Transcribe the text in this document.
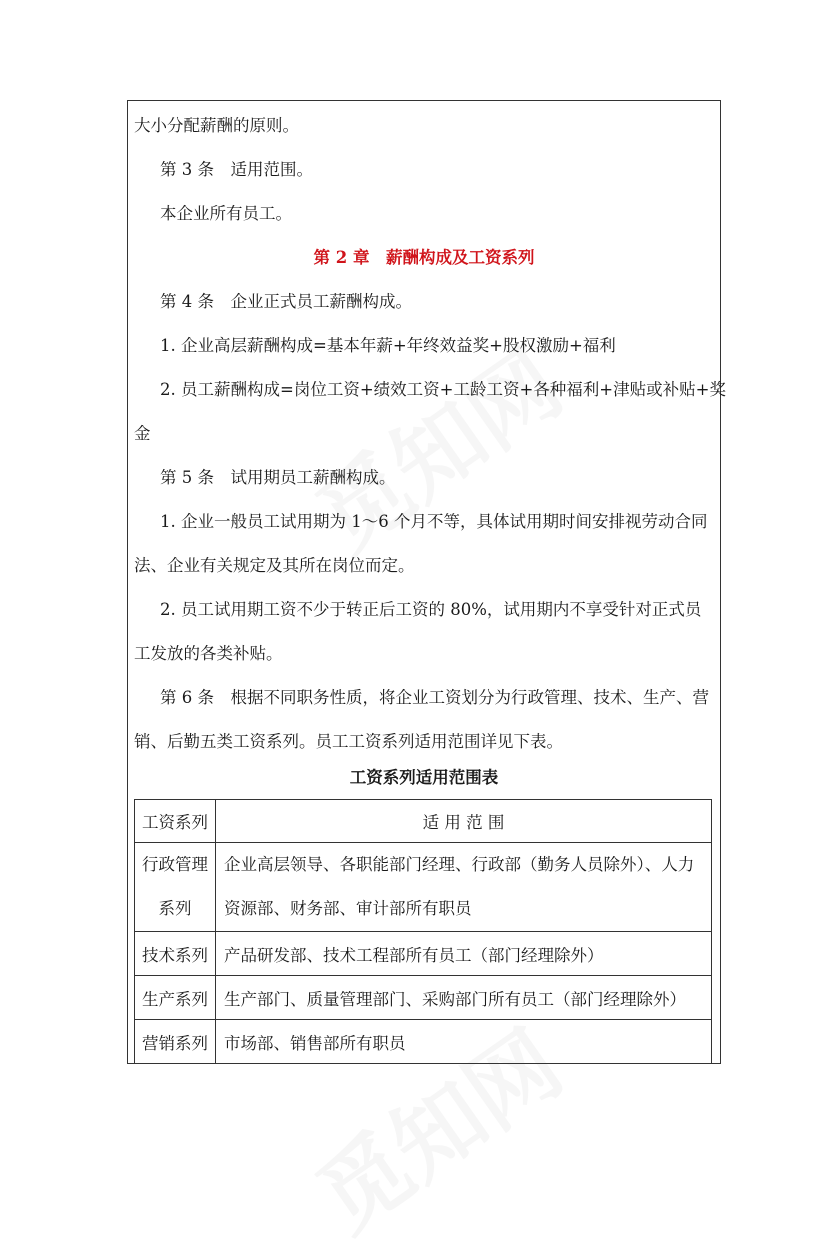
大小分配薪酬的原则。
第 3 条　适用范围。
本企业所有员工。
第 2 章　薪酬构成及工资系列
第 4 条　企业正式员工薪酬构成。
1. 企业高层薪酬构成=基本年薪+年终效益奖+股权激励+福利
2. 员工薪酬构成=岗位工资+绩效工资+工龄工资+各种福利+津贴或补贴+奖
金
第 5 条　试用期员工薪酬构成。
1. 企业一般员工试用期为 1～6 个月不等，具体试用期时间安排视劳动合同
法、企业有关规定及其所在岗位而定。
2. 员工试用期工资不少于转正后工资的 80%，试用期内不享受针对正式员
工发放的各类补贴。
第 6 条　根据不同职务性质，将企业工资划分为行政管理、技术、生产、营
销、后勤五类工资系列。员工工资系列适用范围详见下表。
工资系列适用范围表
工资系列	适 用 范 围

行政管理
系列	企业高层领导、各职能部门经理、行政部（勤务人员除外）、人力
资源部、财务部、审计部所有职员

技术系列	产品研发部、技术工程部所有员工（部门经理除外）
生产系列	生产部门、质量管理部门、采购部门所有员工（部门经理除外）
营销系列	市场部、销售部所有职员
